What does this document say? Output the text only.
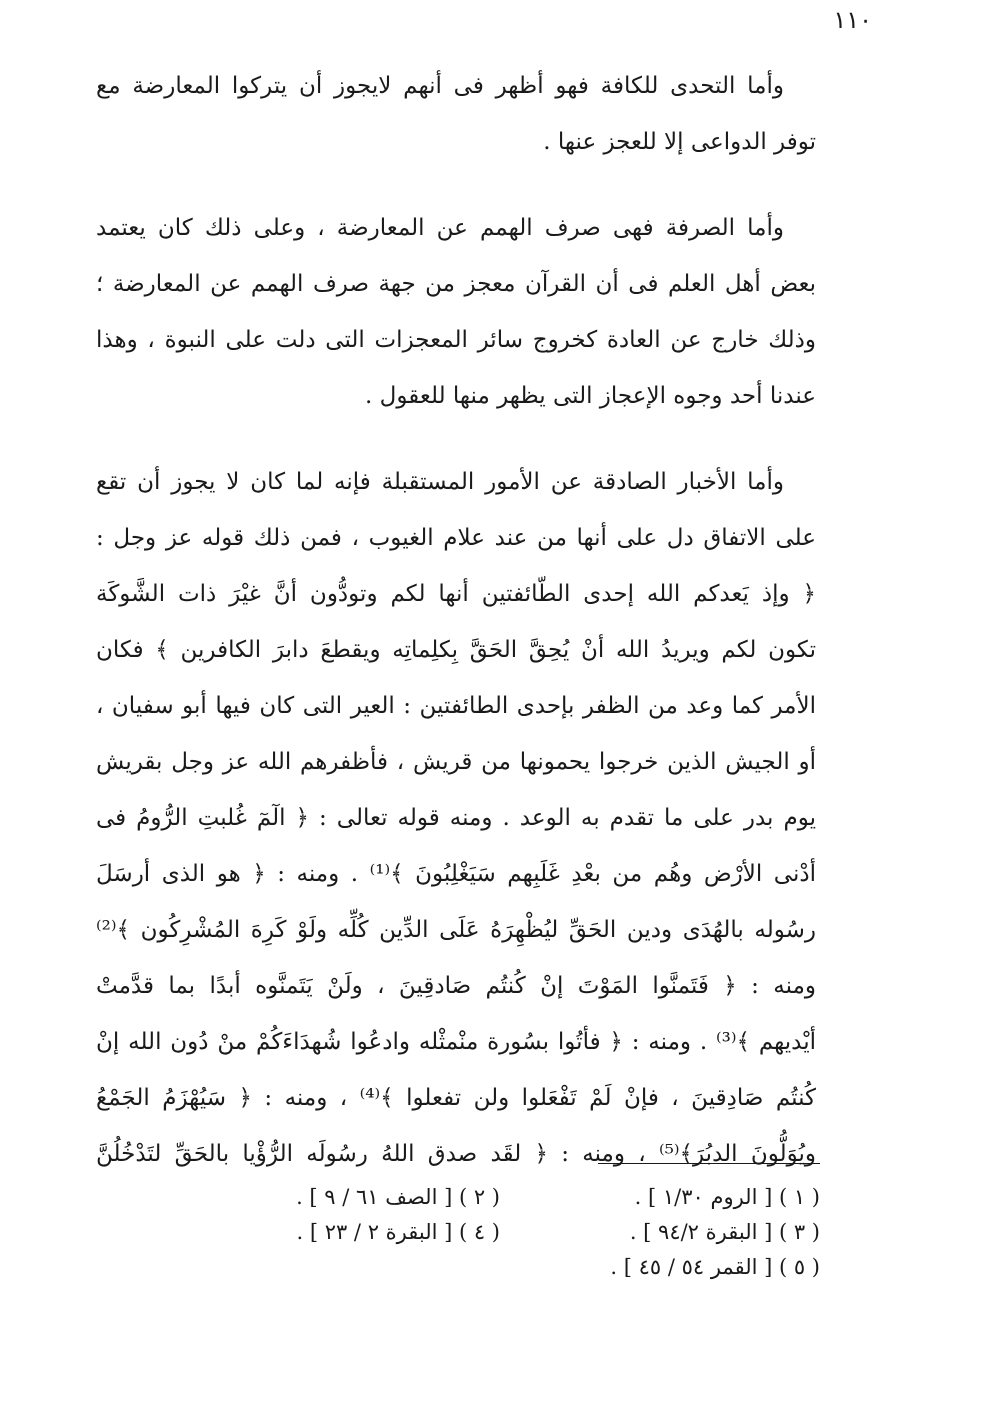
١١٠
وأما التحدى للكافة فهو أظهر فى أنهم لايجوز أن يتركوا المعارضة مع
توفر الدواعى إلا للعجز عنها .
وأما الصرفة فهى صرف الهمم عن المعارضة ، وعلى ذلك كان يعتمد
بعض أهل العلم فى أن القرآن معجز من جهة صرف الهمم عن المعارضة ؛
وذلك خارج عن العادة كخروج سائر المعجزات التى دلت على النبوة ، وهذا
عندنا أحد وجوه الإعجاز التى يظهر منها للعقول .
وأما الأخبار الصادقة عن الأمور المستقبلة فإنه لما كان لا يجوز أن تقع
على الاتفاق دل على أنها من عند علام الغيوب ، فمن ذلك قوله عز وجل :
﴿ وإذ يَعدكم الله إحدى الطّائفتين أنها لكم وتودُّون أنَّ غيْرَ ذات الشَّوكَة
تكون لكم ويريدُ الله أنْ يُحِقَّ الحَقَّ بِكلِماتِه ويقطعَ دابرَ الكافرين ﴾ فكان
الأمر كما وعد من الظفر بإحدى الطائفتين : العير التى كان فيها أبو سفيان ،
أو الجيش الذين خرجوا يحمونها من قريش ، فأظفرهم الله عز وجل بقريش
يوم بدر على ما تقدم به الوعد . ومنه قوله تعالى : ﴿ الٓمٓ غُلبتِ الرُّومُ فى
أدْنى الأرْض وهُم من بعْدِ غَلَبِهم سَيَغْلِبُونَ ﴾⁽¹⁾ . ومنه : ﴿ هو الذى أرسَلَ
رسُوله بالهُدَى ودين الحَقِّ ليُظْهِرَهُ عَلَى الدِّين كُلِّه ولَوْ كَرِهَ المُشْرِكُون ﴾⁽²⁾
ومنه : ﴿ فَتَمنَّوا المَوْتَ إنْ كُنتُم صَادقِينَ ، ولَنْ يَتَمنَّوه أبدًا بما قدَّمتْ
أيْديهم ﴾⁽³⁾ . ومنه : ﴿ فأتُوا بسُورة منْمثْله وادعُوا شُهدَاءَكُمْ منْ دُون الله إنْ
كُنتُم صَادِقينَ ، فإنْ لَمْ تَفْعَلوا ولن تفعلوا ﴾⁽⁴⁾ ، ومنه : ﴿ سَيُهْزَمُ الجَمْعُ
ويُوَلُّونَ الدبُرَ﴾⁽⁵⁾ ، ومنه : ﴿ لقَد صدق اللهُ رسُولَه الرُّؤْيا بالحَقِّ لتَدْخُلُنَّ
( ١ ) [ الروم ١/٣٠ ] .
( ٢ ) [ الصف ٦١ / ٩ ] .
( ٣ ) [ البقرة ٩٤/٢ ] .
( ٤ ) [ البقرة ٢ / ٢٣ ] .
( ٥ ) [ القمر ٥٤ / ٤٥ ] .
